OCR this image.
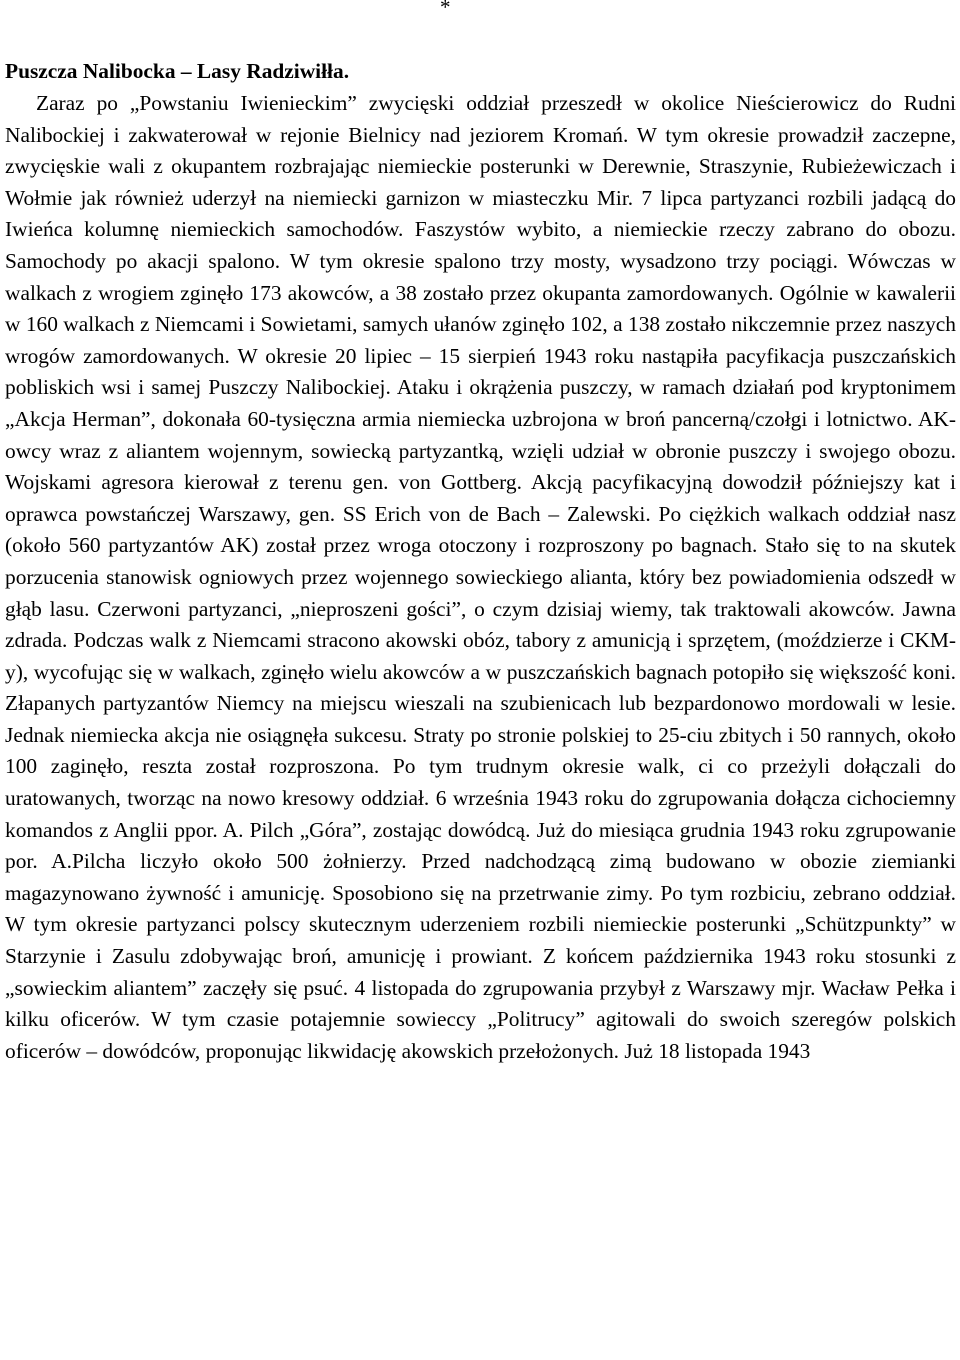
*

Puszcza Nalibocka – Lasy Radziwiłła.

Zaraz po „Powstaniu Iwienieckim” zwycięski oddział przeszedł w okolice Nieścierowicz do Rudni Nalibockiej i zakwaterował w rejonie Bielnicy nad jeziorem Kromań. W tym okresie prowadził zaczepne, zwycięskie wali z okupantem rozbrajając niemieckie posterunki w Derewnie, Straszynie, Rubieżewiczach i Wołmie jak również uderzył na niemiecki garnizon w miasteczku Mir. 7 lipca partyzanci rozbili jadącą do Iwieńca kolumnę niemieckich samochodów. Faszystów wybito, a niemieckie rzeczy zabrano do obozu. Samochody po akacji spalono. W tym okresie spalono trzy mosty, wysadzono trzy pociągi. Wówczas w walkach z wrogiem zginęło 173 akowców, a 38 zostało przez okupanta zamordowanych. Ogólnie w kawalerii w 160 walkach z Niemcami i Sowietami, samych ułanów zginęło 102, a 138 zostało nikczemnie przez naszych wrogów zamordowanych. W okresie 20 lipiec – 15 sierpień 1943 roku nastąpiła pacyfikacja puszczańskich pobliskich wsi i samej Puszczy Nalibockiej. Ataku i okrążenia puszczy, w ramach działań pod kryptonimem „Akcja Herman”, dokonała 60-tysięczna armia niemiecka uzbrojona w broń pancerną/czołgi i lotnictwo. AK-owcy wraz z aliantem wojennym, sowiecką partyzantką, wzięli udział w obronie puszczy i swojego obozu. Wojskami agresora kierował z terenu gen. von Gottberg. Akcją pacyfikacyjną dowodził późniejszy kat i oprawca powstańczej Warszawy, gen. SS Erich von de Bach – Zalewski. Po ciężkich walkach oddział nasz (około 560 partyzantów AK) został przez wroga otoczony i rozproszony po bagnach. Stało się to na skutek porzucenia stanowisk ogniowych przez wojennego sowieckiego alianta, który bez powiadomienia odszedł w głąb lasu. Czerwoni partyzanci, „nieproszeni gości”, o czym dzisiaj wiemy, tak traktowali akowców. Jawna zdrada. Podczas walk z Niemcami stracono akowski obóz, tabory z amunicją i sprzętem, (moździerze i CKM-y), wycofując się w walkach, zginęło wielu akowców a w puszczańskich bagnach potopiło się większość koni. Złapanych partyzantów Niemcy na miejscu wieszali na szubienicach lub bezpardonowo mordowali w lesie. Jednak niemiecka akcja nie osiągnęła sukcesu. Straty po stronie polskiej to 25-ciu zbitych i 50 rannych, około 100 zaginęło, reszta został rozproszona. Po tym trudnym okresie walk, ci co przeżyli dołączali do uratowanych, tworząc na nowo kresowy oddział. 6 września 1943 roku do zgrupowania dołącza cichociemny komandos z Anglii ppor. A. Pilch „Góra”, zostając dowódcą. Już do miesiąca grudnia 1943 roku zgrupowanie por. A.Pilcha liczyło około 500 żołnierzy. Przed nadchodzącą zimą budowano w obozie ziemianki magazynowano żywność i amunicję. Sposobiono się na przetrwanie zimy. Po tym rozbiciu, zebrano oddział. W tym okresie partyzanci polscy skutecznym uderzeniem rozbili niemieckie posterunki „Schützpunkty” w Starzynie i Zasulu zdobywając broń, amunicję i prowiant. Z końcem października 1943 roku stosunki z „sowieckim aliantem” zaczęły się psuć. 4 listopada do zgrupowania przybył z Warszawy mjr. Wacław Pełka i kilku oficerów. W tym czasie potajemnie sowieccy „Politrucy” agitowali do swoich szeregów polskich oficerów – dowódców, proponując likwidację akowskich przełożonych. Już 18 listopada 1943
